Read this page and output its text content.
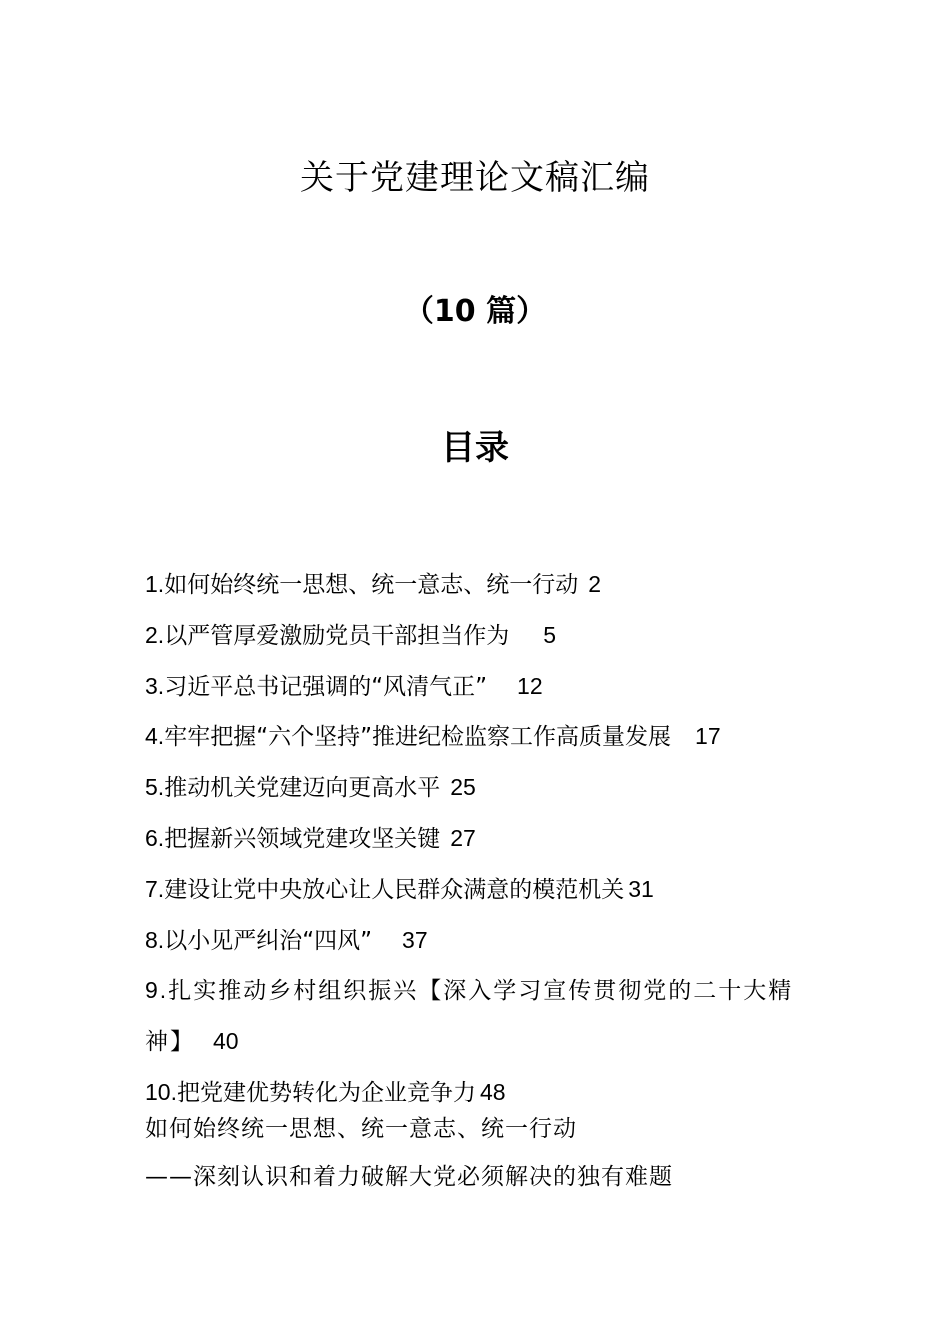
关于党建理论文稿汇编
（10 篇）
目录
1.如何始终统一思想、统一意志、统一行动 2
2.以严管厚爱激励党员干部担当作为 5
3.习近平总书记强调的“风清气正” 12
4.牢牢把握“六个坚持”推进纪检监察工作高质量发展 17
5.推动机关党建迈向更高水平 25
6.把握新兴领域党建攻坚关键 27
7.建设让党中央放心让人民群众满意的模范机关 31
8.以小见严纠治“四风” 37
9.扎实推动乡村组织振兴【深入学习宣传贯彻党的二十大精神】 40
10.把党建优势转化为企业竞争力 48
如何始终统一思想、统一意志、统一行动
——深刻认识和着力破解大党必须解决的独有难题
